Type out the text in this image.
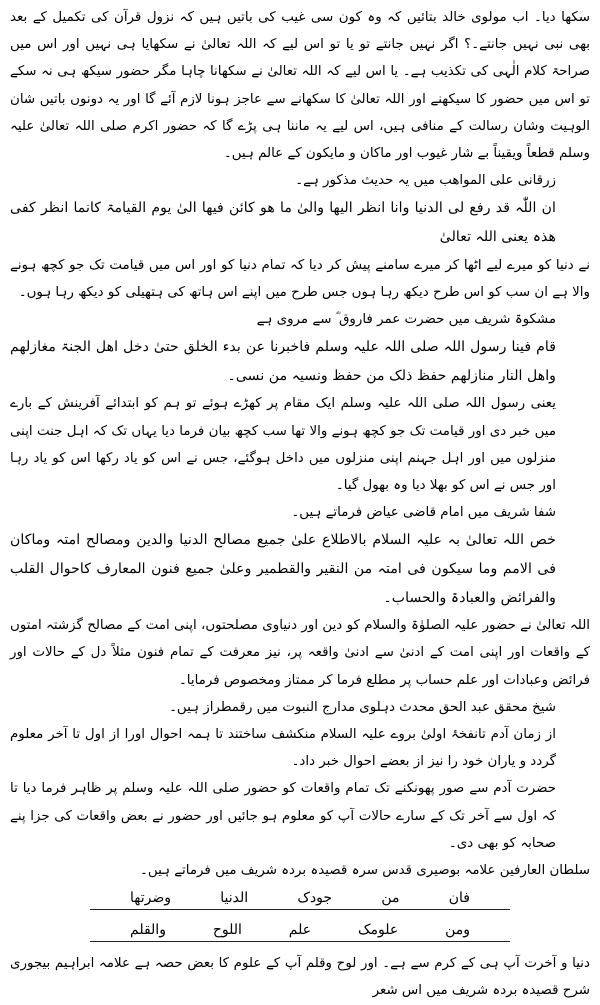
سکھا دیا۔ اب مولوی خالد بتائیں کہ وہ کون سی غیب کی باتیں ہیں کہ نزول قرآن کی تکمیل کے بعد بھی نبی نہیں جانتے۔؟ اگر نہیں جانتے تو یا تو اس لیے کہ اللہ تعالیٰ نے سکھایا ہی نہیں اور اس میں صراحۃ کلام الٰہی کی تکذیب ہے۔ یا اس لیے کہ اللہ تعالیٰ نے سکھانا چاہا مگر حضور سیکھ ہی نہ سکے تو اس میں حضور کا سیکھنے اور اللہ تعالیٰ کا سکھانے سے عاجز ہونا لازم آئے گا اور یہ دونوں باتیں شان الوہیت وشان رسالت کے منافی ہیں، اس لیے یہ ماننا ہی پڑے گا کہ حضور اکرم صلی اللہ تعالیٰ علیہ وسلم قطعاً ویقیناً بے شار غیوب اور ماکان و مایکون کے عالم ہیں۔

زرقانی علی المواهب میں یہ حدیث مذکور ہے۔

ان اللّٰہ قد رفع لی الدنیا وانا انظر الیھا والیٰ ما ھو کائن فیھا الیٰ یوم القیامۃ کانما انظر کفی ھذہ یعنی اللہ تعالیٰ

نے دنیا کو میرے لیے اٹھا کر میرے سامنے پیش کر دیا کہ تمام دنیا کو اور اس میں قیامت تک جو کچھ ہونے والا ہے ان سب کو اس طرح دیکھ رہا ہوں جس طرح میں اپنے اس ہاتھ کی ہتھیلی کو دیکھ رہا ہوں۔

مشکوۃ شریف میں حضرت عمر فاروق ؓ سے مروی ہے

قام فینا رسول اللہ صلی اللہ علیہ وسلم فاخبرنا عن بدء الخلق حتیٰ دخل اھل الجنۃ مغازلھم واھل النار منازلھم حفظ ذلک من حفظ ونسیہ من نسی۔

یعنی رسول اللہ صلی اللہ علیہ وسلم ایک مقام پر کھڑے ہوئے تو ہم کو ابتدائے آفرینش کے بارے میں خبر دی اور قیامت تک جو کچھ ہونے والا تھا سب کچھ بیان فرما دیا یہاں تک کہ اہل جنت اپنی منزلوں میں اور اہل جہنم اپنی منزلوں میں داخل ہوگئے، جس نے اس کو یاد رکھا اس کو یاد رہا اور جس نے اس کو بھلا دیا وہ بھول گیا۔

شفا شریف میں امام قاضی عیاض فرماتے ہیں۔

خص اللہ تعالیٰ بہ علیہ السلام بالاطلاع علیٰ جمیع مصالح الدنیا والدین ومصالح امتہ وماکان فی الامم وما سیکون فی امتہ من النقیر والقطمیر وعلیٰ جمیع فنون المعارف کاحوال القلب والفرائض والعبادۃ والحساب۔

اللہ تعالیٰ نے حضور علیہ الصلوٰۃ والسلام کو دین اور دنیاوی مصلحتوں، اپنی امت کے مصالح گزشتہ امتوں کے واقعات اور اپنی امت کے ادنیٰ سے ادنیٰ واقعہ پر، نیز معرفت کے تمام فنون مثلاً دل کے حالات اور فرائض وعبادات اور علم حساب پر مطلع فرما کر ممتاز ومخصوص فرمایا۔

شیخ محقق عبد الحق محدث دہلوی مدارج النبوت میں رقمطراز ہیں۔

از زمان آدم تانفخۂ اولیٰ بروے علیہ السلام منکشف ساختند تا ہمہ احوال اورا از اول تا آخر معلوم گردد و یاران خود را نیز از بعضے احوال خبر داد۔

حضرت آدم سے صور پھونکنے تک تمام واقعات کو حضور صلی اللہ علیہ وسلم پر ظاہر فرما دیا تا کہ اول سے آخر تک کے سارے حالات آپ کو معلوم ہو جائیں اور حضور نے بعض واقعات کی جزا پنے صحابہ کو بھی دی۔

سلطان العارفین علامہ بوصیری قدس سرہ قصیدہ بردہ شریف میں فرماتے ہیں۔

فان من جودک الدنیا وضرتھا
ومن علومک علم اللوح والقلم

دنیا و آخرت آپ ہی کے کرم سے ہے۔ اور لوح وقلم آپ کے علوم کا بعض حصہ ہے علامہ ابراہیم بیجوری شرح قصیدہ بردہ شریف میں اس شعر
